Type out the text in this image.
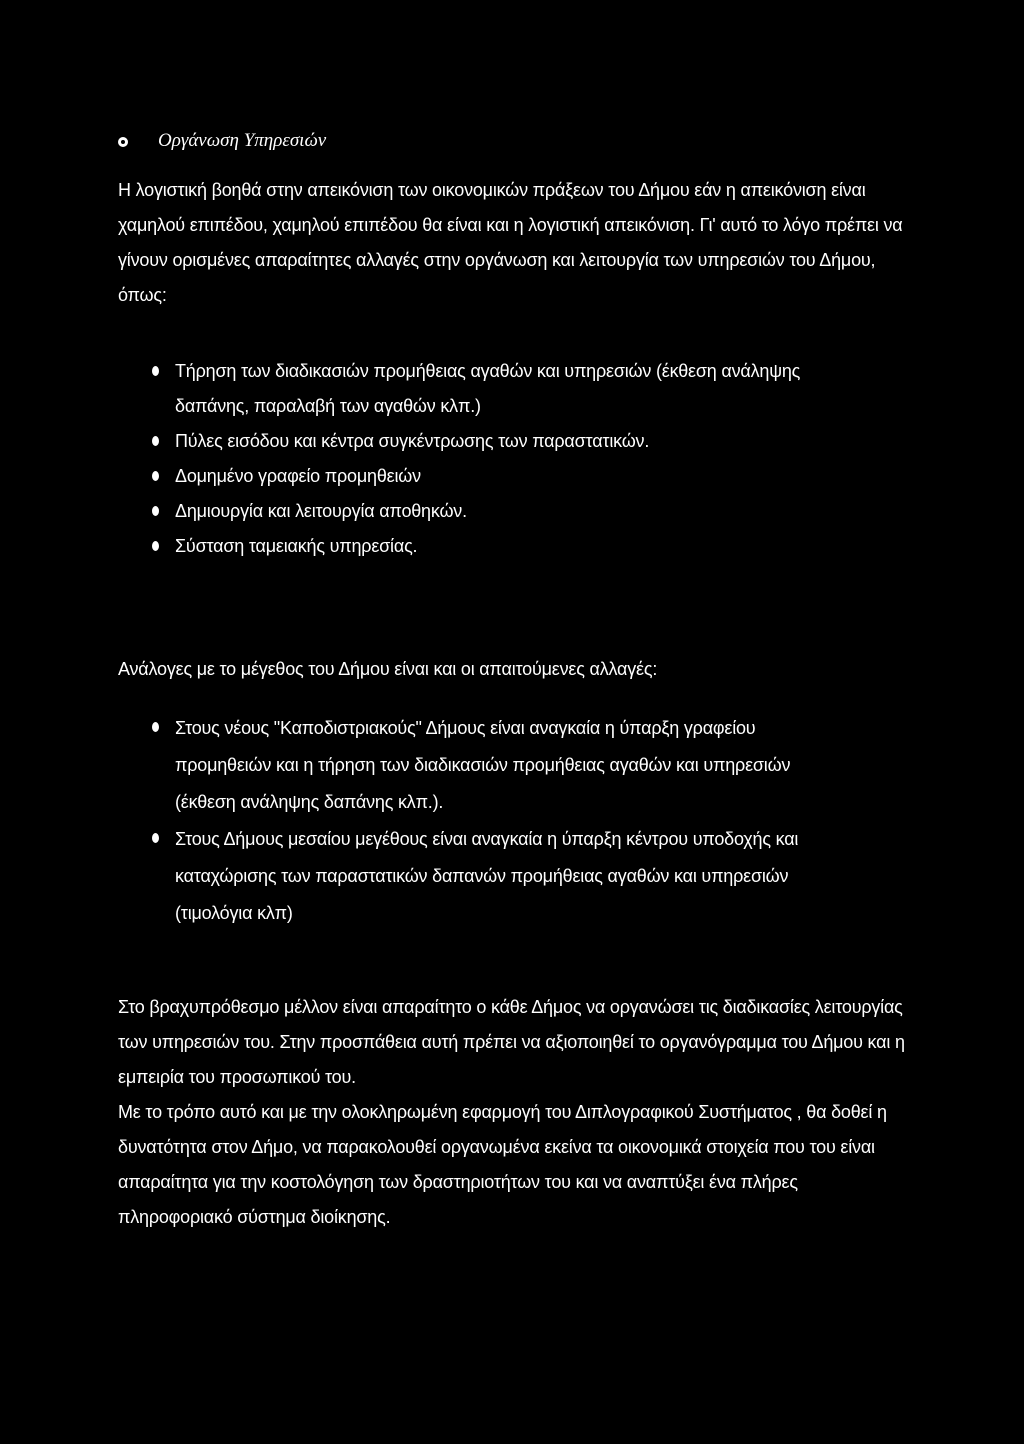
Οργάνωση Υπηρεσιών

Η λογιστική βοηθά στην απεικόνιση των οικονομικών πράξεων του Δήμου εάν η απεικόνιση είναι χαμηλού επιπέδου, χαμηλού επιπέδου θα είναι και η λογιστική απεικόνιση. Γι' αυτό το λόγο πρέπει να γίνουν ορισμένες απαραίτητες αλλαγές στην οργάνωση και λειτουργία των υπηρεσιών του Δήμου, όπως:

Τήρηση των διαδικασιών προμήθειας αγαθών και υπηρεσιών (έκθεση ανάληψης δαπάνης, παραλαβή των αγαθών κλπ.)
Πύλες εισόδου και κέντρα συγκέντρωσης των παραστατικών.
Δομημένο γραφείο προμηθειών
Δημιουργία και λειτουργία αποθηκών.
Σύσταση ταμειακής υπηρεσίας.

Ανάλογες με το μέγεθος του Δήμου είναι και οι απαιτούμενες αλλαγές:

Στους νέους "Καποδιστριακούς" Δήμους είναι αναγκαία η ύπαρξη γραφείου προμηθειών και η τήρηση των διαδικασιών προμήθειας αγαθών και υπηρεσιών (έκθεση ανάληψης δαπάνης κλπ.).
Στους Δήμους μεσαίου μεγέθους είναι αναγκαία η ύπαρξη κέντρου υποδοχής και καταχώρισης των παραστατικών δαπανών προμήθειας αγαθών και υπηρεσιών (τιμολόγια κλπ)

Στο βραχυπρόθεσμο μέλλον είναι απαραίτητο ο κάθε Δήμος να οργανώσει τις διαδικασίες λειτουργίας των υπηρεσιών του. Στην προσπάθεια αυτή πρέπει να αξιοποιηθεί το οργανόγραμμα του Δήμου και η εμπειρία του προσωπικού του.

Με το τρόπο αυτό και με την ολοκληρωμένη εφαρμογή του Διπλογραφικού Συστήματος , θα δοθεί η δυνατότητα στον Δήμο, να παρακολουθεί οργανωμένα εκείνα τα οικονομικά στοιχεία που του είναι απαραίτητα για την κοστολόγηση των δραστηριοτήτων του και να αναπτύξει ένα πλήρες πληροφοριακό σύστημα διοίκησης.
